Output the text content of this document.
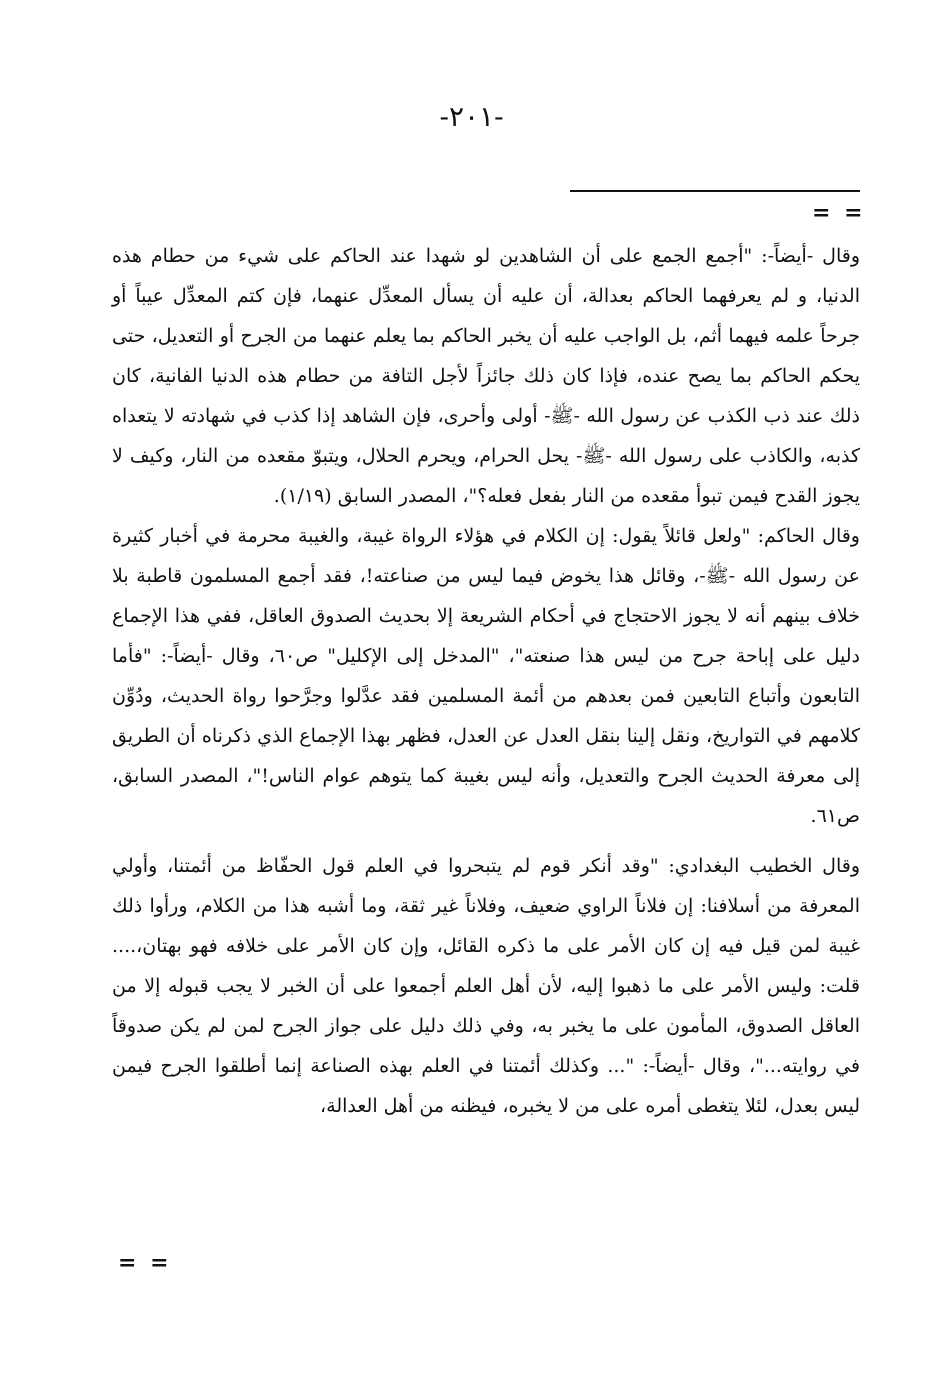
-٢٠١-
= =

وقال -أيضاً-: "أجمع الجمع على أن الشاهدين لو شهدا عند الحاكم على شيء من حطام هذه الدنيا، و لم يعرفهما الحاكم بعدالة، أن عليه أن يسأل المعدِّل عنهما، فإن كتم المعدِّل عيباً أو جرحاً علمه فيهما أثم، بل الواجب عليه أن يخبر الحاكم بما يعلم عنهما من الجرح أو التعديل، حتى يحكم الحاكم بما يصح عنده، فإذا كان ذلك جائزاً لأجل التافة من حطام هذه الدنيا الفانية، كان ذلك عند ذب الكذب عن رسول الله -ﷺ- أولى وأحرى، فإن الشاهد إذا كذب في شهادته لا يتعداه كذبه، والكاذب على رسول الله -ﷺ- يحل الحرام، ويحرم الحلال، ويتبوّ مقعده من النار، وكيف لا يجوز القدح فيمن تبوأ مقعده من النار بفعل فعله؟"، المصدر السابق (١/١٩).

وقال الحاكم: "ولعل قائلاً يقول: إن الكلام في هؤلاء الرواة غيبة، والغيبة محرمة في أخبار كثيرة عن رسول الله -ﷺ-، وقائل هذا يخوض فيما ليس من صناعته!، فقد أجمع المسلمون قاطبة بلا خلاف بينهم أنه لا يجوز الاحتجاج في أحكام الشريعة إلا بحديث الصدوق العاقل، ففي هذا الإجماع دليل على إباحة جرح من ليس هذا صنعته"، "المدخل إلى الإكليل" ص٦٠، وقال -أيضاً-: "فأما التابعون وأتباع التابعين فمن بعدهم من أئمة المسلمين فقد عدَّلوا وجرَّحوا رواة الحديث، ودُوِّن كلامهم في التواريخ، ونقل إلينا بنقل العدل عن العدل، فظهر بهذا الإجماع الذي ذكرناه أن الطريق إلى معرفة الحديث الجرح والتعديل، وأنه ليس بغيبة كما يتوهم عوام الناس!"، المصدر السابق، ص٦١.

وقال الخطيب البغدادي: "وقد أنكر قوم لم يتبحروا في العلم قول الحفّاظ من أئمتنا، وأولي المعرفة من أسلافنا: إن فلاناً الراوي ضعيف، وفلاناً غير ثقة، وما أشبه هذا من الكلام، ورأوا ذلك غيبة لمن قيل فيه إن كان الأمر على ما ذكره القائل، وإن كان الأمر على خلافه فهو بهتان،.... قلت: وليس الأمر على ما ذهبوا إليه، لأن أهل العلم أجمعوا على أن الخبر لا يجب قبوله إلا من العاقل الصدوق، المأمون على ما يخبر به، وفي ذلك دليل على جواز الجرح لمن لم يكن صدوقاً في روايته..."، وقال -أيضاً-: "... وكذلك أئمتنا في العلم بهذه الصناعة إنما أطلقوا الجرح فيمن ليس بعدل، لئلا يتغطى أمره على من لا يخبره، فيظنه من أهل العدالة،

= =
